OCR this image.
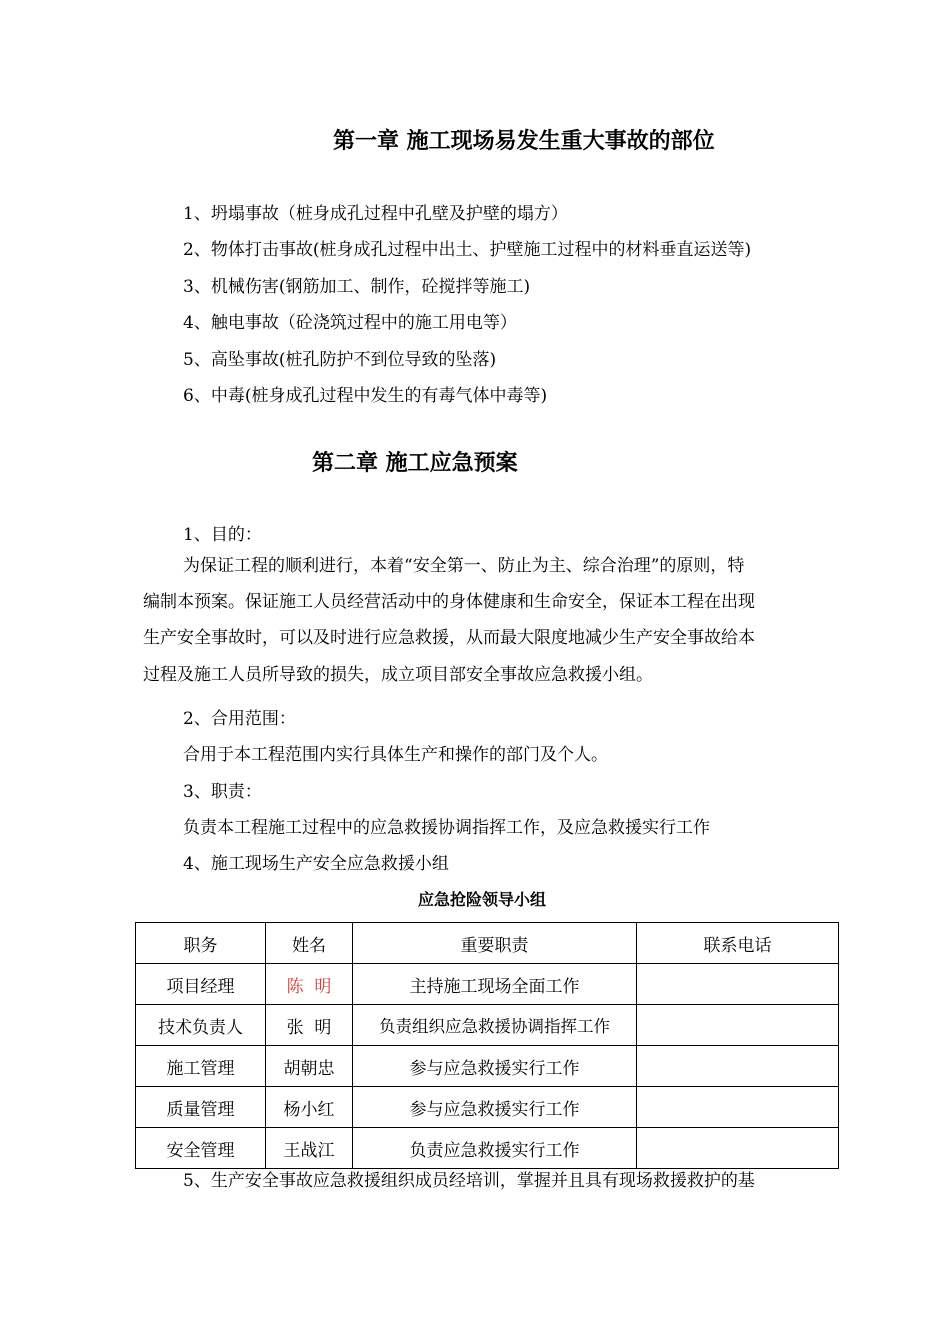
第一章 施工现场易发生重大事故的部位
1、坍塌事故（桩身成孔过程中孔壁及护壁的塌方）
2、物体打击事故(桩身成孔过程中出土、护壁施工过程中的材料垂直运送等)
3、机械伤害(钢筋加工、制作，砼搅拌等施工)
4、触电事故（砼浇筑过程中的施工用电等）
5、高坠事故(桩孔防护不到位导致的坠落)
6、中毒(桩身成孔过程中发生的有毒气体中毒等)
第二章 施工应急预案
1、目的：
为保证工程的顺利进行，本着“安全第一、防止为主、综合治理”的原则，特
编制本预案。保证施工人员经营活动中的身体健康和生命安全，保证本工程在出现
生产安全事故时，可以及时进行应急救援，从而最大限度地减少生产安全事故给本
过程及施工人员所导致的损失，成立项目部安全事故应急救援小组。
2、合用范围：
合用于本工程范围内实行具体生产和操作的部门及个人。
3、职责：
负责本工程施工过程中的应急救援协调指挥工作，及应急救援实行工作
4、施工现场生产安全应急救援小组
应急抢险领导小组
职务	姓名	重要职责	联系电话
项目经理	陈  明	主持施工现场全面工作	
技术负责人	张  明	负责组织应急救援协调指挥工作	
施工管理	胡朝忠	参与应急救援实行工作	
质量管理	杨小红	参与应急救援实行工作	
安全管理	王战江	负责应急救援实行工作	
5、生产安全事故应急救援组织成员经培训，掌握并且具有现场救援救护的基
